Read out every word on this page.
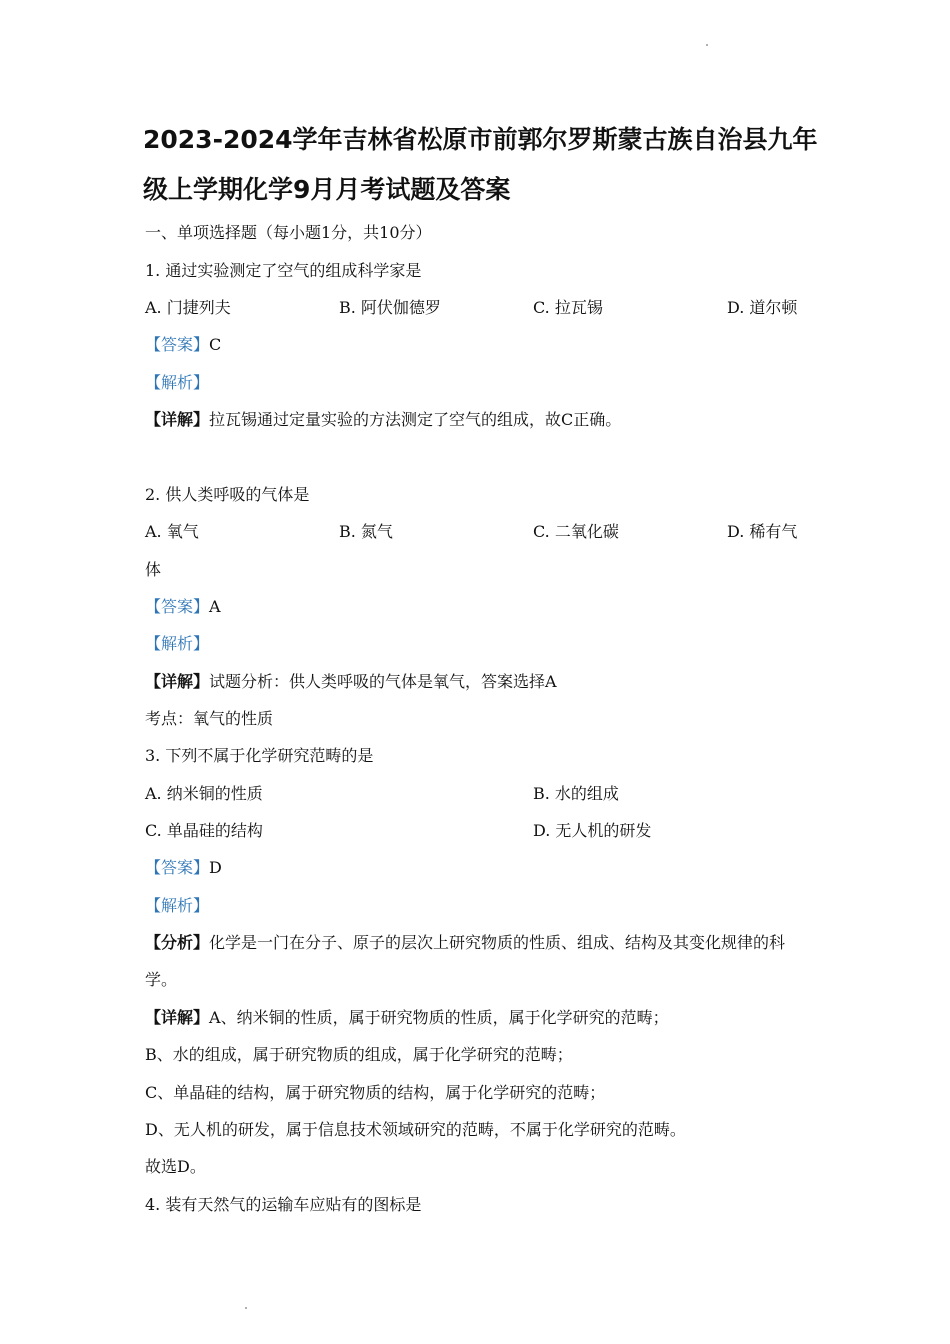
2023-2024学年吉林省松原市前郭尔罗斯蒙古族自治县九年
级上学期化学9月月考试题及答案
一、单项选择题（每小题1分，共10分）
1. 通过实验测定了空气的组成科学家是
A. 门捷列夫	B. 阿伏伽德罗	C. 拉瓦锡	D. 道尔顿
【答案】C
【解析】
【详解】拉瓦锡通过定量实验的方法测定了空气的组成，故C正确。
2. 供人类呼吸的气体是
A. 氧气	B. 氮气	C. 二氧化碳	D. 稀有气
体
【答案】A
【解析】
【详解】试题分析：供人类呼吸的气体是氧气，答案选择A
考点：氧气的性质
3. 下列不属于化学研究范畴的是
A. 纳米铜的性质	B. 水的组成
C. 单晶硅的结构	D. 无人机的研发
【答案】D
【解析】
【分析】化学是一门在分子、原子的层次上研究物质的性质、组成、结构及其变化规律的科
学。
【详解】A、纳米铜的性质，属于研究物质的性质，属于化学研究的范畴；
B、水的组成，属于研究物质的组成，属于化学研究的范畴；
C、单晶硅的结构，属于研究物质的结构，属于化学研究的范畴；
D、无人机的研发，属于信息技术领域研究的范畴，不属于化学研究的范畴。
故选D。
4. 装有天然气的运输车应贴有的图标是
